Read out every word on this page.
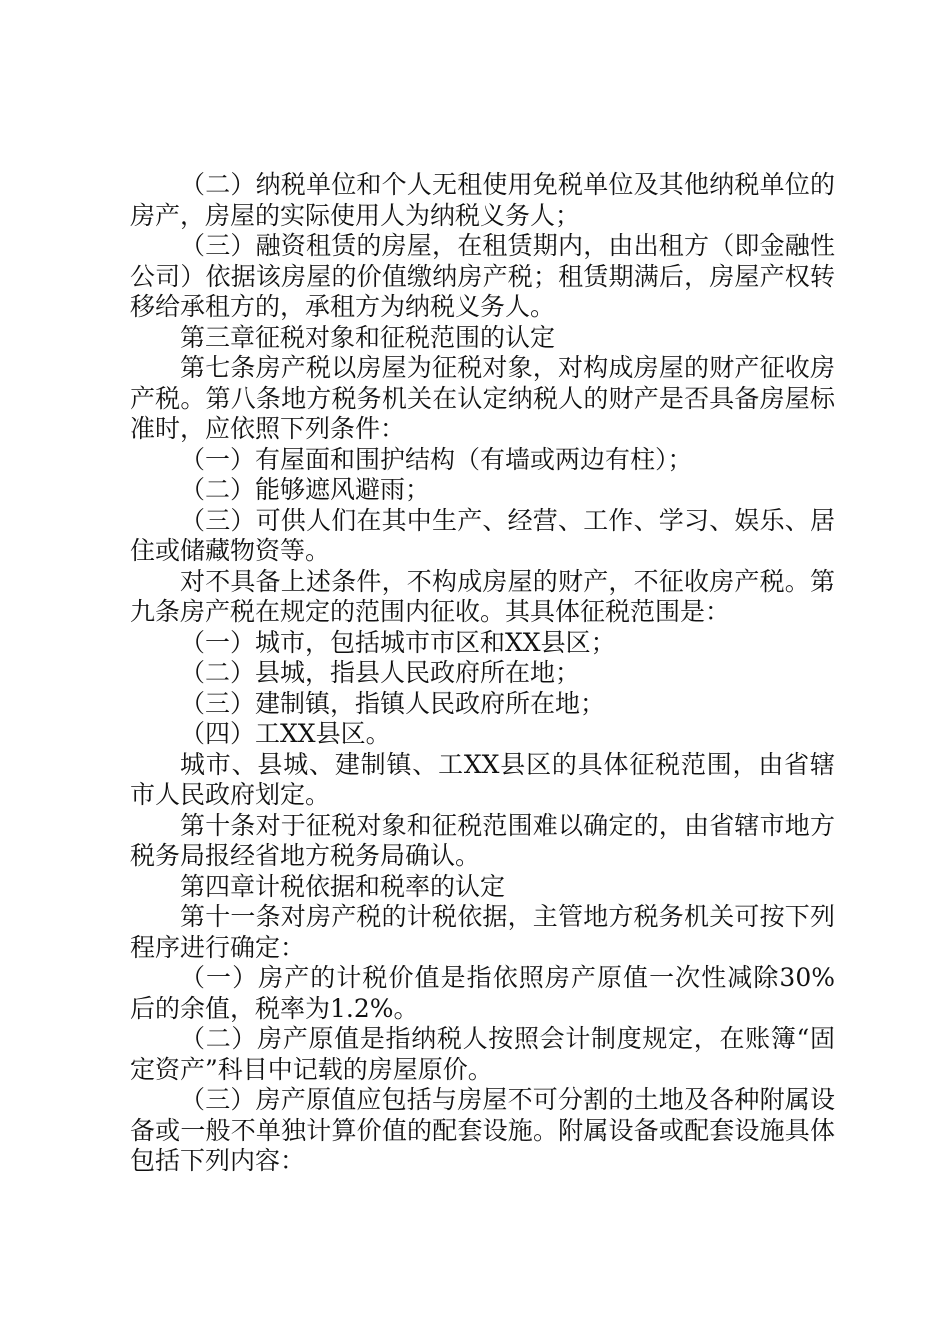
（二）纳税单位和个人无租使用免税单位及其他纳税单位的房产，房屋的实际使用人为纳税义务人；

（三）融资租赁的房屋，在租赁期内，由出租方（即金融性公司）依据该房屋的价值缴纳房产税；租赁期满后，房屋产权转移给承租方的，承租方为纳税义务人。

第三章征税对象和征税范围的认定

第七条房产税以房屋为征税对象，对构成房屋的财产征收房产税。第八条地方税务机关在认定纳税人的财产是否具备房屋标准时，应依照下列条件：

（一）有屋面和围护结构（有墙或两边有柱）；

（二）能够遮风避雨；

（三）可供人们在其中生产、经营、工作、学习、娱乐、居住或储藏物资等。

对不具备上述条件，不构成房屋的财产，不征收房产税。第九条房产税在规定的范围内征收。其具体征税范围是：

（一）城市，包括城市市区和XX县区；

（二）县城，指县人民政府所在地；

（三）建制镇，指镇人民政府所在地；

（四）工XX县区。

城市、县城、建制镇、工XX县区的具体征税范围，由省辖市人民政府划定。

第十条对于征税对象和征税范围难以确定的，由省辖市地方税务局报经省地方税务局确认。

第四章计税依据和税率的认定

第十一条对房产税的计税依据，主管地方税务机关可按下列程序进行确定：

（一）房产的计税价值是指依照房产原值一次性减除30%后的余值，税率为1.2%。

（二）房产原值是指纳税人按照会计制度规定，在账簿“固定资产”科目中记载的房屋原价。

（三）房产原值应包括与房屋不可分割的土地及各种附属设备或一般不单独计算价值的配套设施。附属设备或配套设施具体包括下列内容：
